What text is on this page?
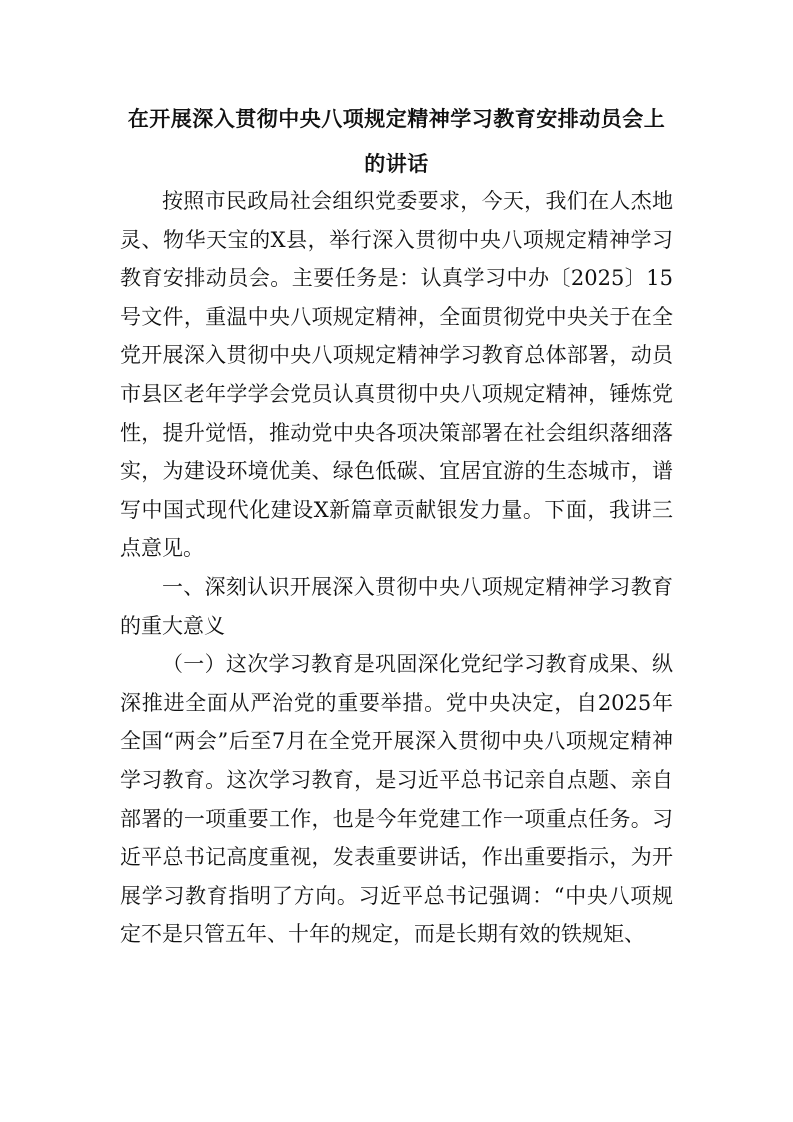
在开展深入贯彻中央八项规定精神学习教育安排动员会上
的讲话

按照市民政局社会组织党委要求，今天，我们在人杰地灵、物华天宝的X县，举行深入贯彻中央八项规定精神学习教育安排动员会。主要任务是：认真学习中办〔2025〕15号文件，重温中央八项规定精神，全面贯彻党中央关于在全党开展深入贯彻中央八项规定精神学习教育总体部署，动员市县区老年学学会党员认真贯彻中央八项规定精神，锤炼党性，提升觉悟，推动党中央各项决策部署在社会组织落细落实，为建设环境优美、绿色低碳、宜居宜游的生态城市，谱写中国式现代化建设X新篇章贡献银发力量。下面，我讲三点意见。

一、深刻认识开展深入贯彻中央八项规定精神学习教育的重大意义

（一）这次学习教育是巩固深化党纪学习教育成果、纵深推进全面从严治党的重要举措。党中央决定，自2025年全国“两会”后至7月在全党开展深入贯彻中央八项规定精神学习教育。这次学习教育，是习近平总书记亲自点题、亲自部署的一项重要工作，也是今年党建工作一项重点任务。习近平总书记高度重视，发表重要讲话，作出重要指示，为开展学习教育指明了方向。习近平总书记强调：“中央八项规定不是只管五年、十年的规定，而是长期有效的铁规矩、
